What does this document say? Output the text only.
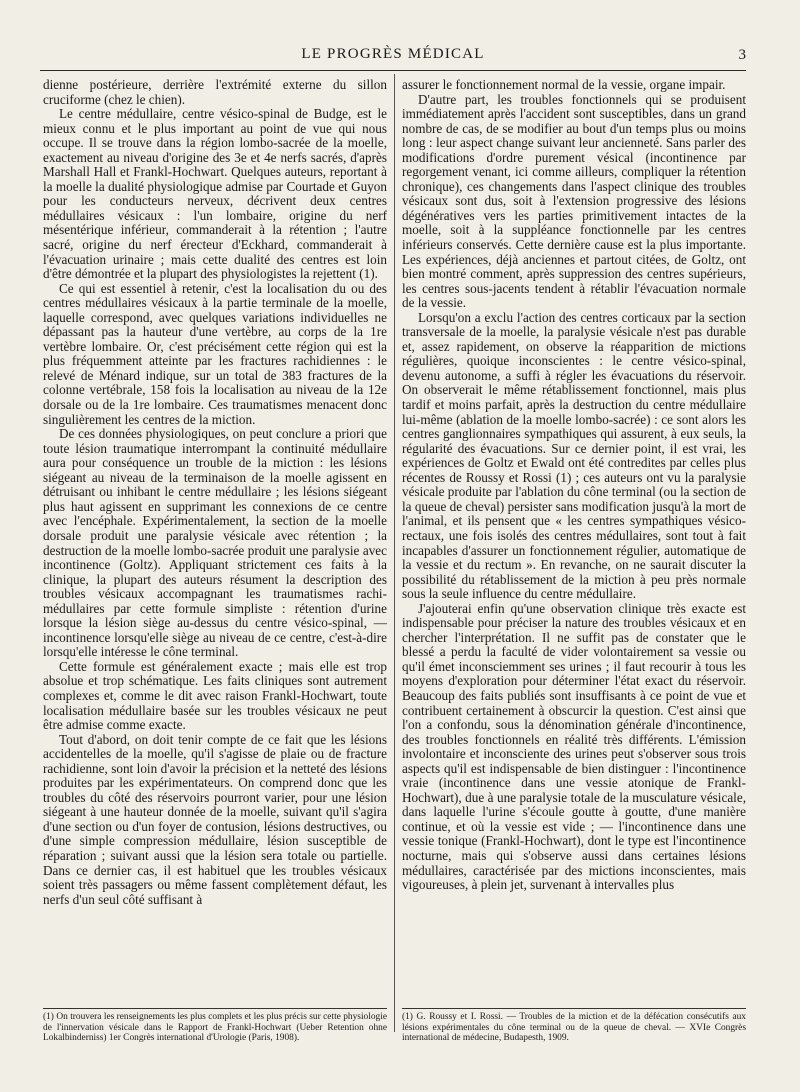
LE PROGRÈS MÉDICAL	3

dienne postérieure, derrière l'extrémité externe du sillon cruciforme (chez le chien).

Le centre médullaire, centre vésico-spinal de Budge, est le mieux connu et le plus important au point de vue qui nous occupe. Il se trouve dans la région lombo-sacrée de la moelle, exactement au niveau d'origine des 3e et 4e nerfs sacrés, d'après Marshall Hall et Frankl-Hochwart. Quelques auteurs, reportant à la moelle la dualité physiologique admise par Courtade et Guyon pour les conducteurs nerveux, décrivent deux centres médullaires vésicaux : l'un lombaire, origine du nerf mésentérique inférieur, commanderait à la rétention ; l'autre sacré, origine du nerf érecteur d'Eckhard, commanderait à l'évacuation urinaire ; mais cette dualité des centres est loin d'être démontrée et la plupart des physiologistes la rejettent (1).

Ce qui est essentiel à retenir, c'est la localisation du ou des centres médullaires vésicaux à la partie terminale de la moelle, laquelle correspond, avec quelques variations individuelles ne dépassant pas la hauteur d'une vertèbre, au corps de la 1re vertèbre lombaire. Or, c'est précisément cette région qui est la plus fréquemment atteinte par les fractures rachidiennes : le relevé de Ménard indique, sur un total de 383 fractures de la colonne vertébrale, 158 fois la localisation au niveau de la 12e dorsale ou de la 1re lombaire. Ces traumatismes menacent donc singulièrement les centres de la miction.

De ces données physiologiques, on peut conclure a priori que toute lésion traumatique interrompant la continuité médullaire aura pour conséquence un trouble de la miction : les lésions siégeant au niveau de la terminaison de la moelle agissent en détruisant ou inhibant le centre médullaire ; les lésions siégeant plus haut agissent en supprimant les connexions de ce centre avec l'encéphale. Expérimentalement, la section de la moelle dorsale produit une paralysie vésicale avec rétention ; la destruction de la moelle lombo-sacrée produit une paralysie avec incontinence (Goltz). Appliquant strictement ces faits à la clinique, la plupart des auteurs résument la description des troubles vésicaux accompagnant les traumatismes rachi-médullaires par cette formule simpliste : rétention d'urine lorsque la lésion siège au-dessus du centre vésico-spinal, — incontinence lorsqu'elle siège au niveau de ce centre, c'est-à-dire lorsqu'elle intéresse le cône terminal.

Cette formule est généralement exacte ; mais elle est trop absolue et trop schématique. Les faits cliniques sont autrement complexes et, comme le dit avec raison Frankl-Hochwart, toute localisation médullaire basée sur les troubles vésicaux ne peut être admise comme exacte.

Tout d'abord, on doit tenir compte de ce fait que les lésions accidentelles de la moelle, qu'il s'agisse de plaie ou de fracture rachidienne, sont loin d'avoir la précision et la netteté des lésions produites par les expérimentateurs. On comprend donc que les troubles du côté des réservoirs pourront varier, pour une lésion siégeant à une hauteur donnée de la moelle, suivant qu'il s'agira d'une section ou d'un foyer de contusion, lésions destructives, ou d'une simple compression médullaire, lésion susceptible de réparation ; suivant aussi que la lésion sera totale ou partielle. Dans ce dernier cas, il est habituel que les troubles vésicaux soient très passagers ou même fassent complètement défaut, les nerfs d'un seul côté suffisant à

assurer le fonctionnement normal de la vessie, organe impair.

D'autre part, les troubles fonctionnels qui se produisent immédiatement après l'accident sont susceptibles, dans un grand nombre de cas, de se modifier au bout d'un temps plus ou moins long : leur aspect change suivant leur ancienneté. Sans parler des modifications d'ordre purement vésical (incontinence par regorgement venant, ici comme ailleurs, compliquer la rétention chronique), ces changements dans l'aspect clinique des troubles vésicaux sont dus, soit à l'extension progressive des lésions dégénératives vers les parties primitivement intactes de la moelle, soit à la suppléance fonctionnelle par les centres inférieurs conservés. Cette dernière cause est la plus importante. Les expériences, déjà anciennes et partout citées, de Goltz, ont bien montré comment, après suppression des centres supérieurs, les centres sous-jacents tendent à rétablir l'évacuation normale de la vessie.

Lorsqu'on a exclu l'action des centres corticaux par la section transversale de la moelle, la paralysie vésicale n'est pas durable et, assez rapidement, on observe la réapparition de mictions régulières, quoique inconscientes : le centre vésico-spinal, devenu autonome, a suffi à régler les évacuations du réservoir. On observerait le même rétablissement fonctionnel, mais plus tardif et moins parfait, après la destruction du centre médullaire lui-même (ablation de la moelle lombo-sacrée) : ce sont alors les centres ganglionnaires sympathiques qui assurent, à eux seuls, la régularité des évacuations. Sur ce dernier point, il est vrai, les expériences de Goltz et Ewald ont été contredites par celles plus récentes de Roussy et Rossi (1) ; ces auteurs ont vu la paralysie vésicale produite par l'ablation du cône terminal (ou la section de la queue de cheval) persister sans modification jusqu'à la mort de l'animal, et ils pensent que « les centres sympathiques vésico-rectaux, une fois isolés des centres médullaires, sont tout à fait incapables d'assurer un fonctionnement régulier, automatique de la vessie et du rectum ». En revanche, on ne saurait discuter la possibilité du rétablissement de la miction à peu près normale sous la seule influence du centre médullaire.

J'ajouterai enfin qu'une observation clinique très exacte est indispensable pour préciser la nature des troubles vésicaux et en chercher l'interprétation. Il ne suffit pas de constater que le blessé a perdu la faculté de vider volontairement sa vessie ou qu'il émet inconsciemment ses urines ; il faut recourir à tous les moyens d'exploration pour déterminer l'état exact du réservoir. Beaucoup des faits publiés sont insuffisants à ce point de vue et contribuent certainement à obscurcir la question. C'est ainsi que l'on a confondu, sous la dénomination générale d'incontinence, des troubles fonctionnels en réalité très différents. L'émission involontaire et inconsciente des urines peut s'observer sous trois aspects qu'il est indispensable de bien distinguer : l'incontinence vraie (incontinence dans une vessie atonique de Frankl-Hochwart), due à une paralysie totale de la musculature vésicale, dans laquelle l'urine s'écoule goutte à goutte, d'une manière continue, et où la vessie est vide ; — l'incontinence dans une vessie tonique (Frankl-Hochwart), dont le type est l'incontinence nocturne, mais qui s'observe aussi dans certaines lésions médullaires, caractérisée par des mictions inconscientes, mais vigoureuses, à plein jet, survenant à intervalles plus

(1) On trouvera les renseignements les plus complets et les plus précis sur cette physiologie de l'innervation vésicale dans le Rapport de Frankl-Hochwart (Ueber Retention ohne Lokalbinderniss) 1er Congrès international d'Urologie (Paris, 1908).
(1) G. Roussy et I. Rossi. — Troubles de la miction et de la défécation consécutifs aux lésions expérimentales du cône terminal ou de la queue de cheval. — XVIe Congrès international de médecine, Budapesth, 1909.
